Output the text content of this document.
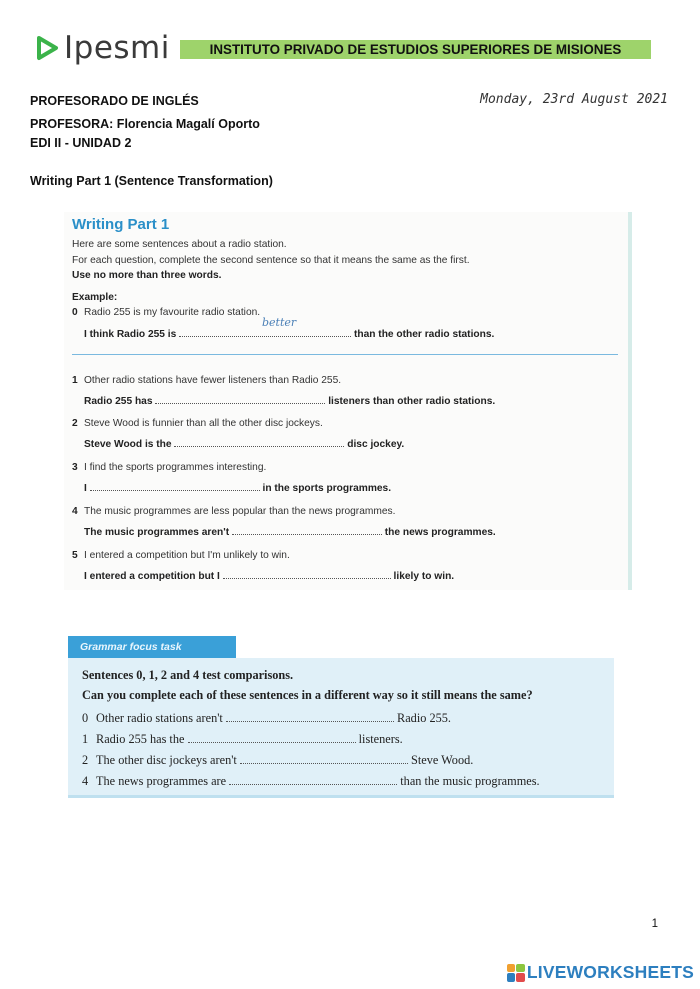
Ipesmi	INSTITUTO PRIVADO DE ESTUDIOS SUPERIORES DE MISIONES
PROFESORADO DE INGLÉS
PROFESORA: Florencia Magalí Oporto
EDI II - UNIDAD 2
Monday, 23rd August 2021
Writing Part 1 (Sentence Transformation)
Writing Part 1
Here are some sentences about a radio station.
For each question, complete the second sentence so that it means the same as the first.
Use no more than three words.
Example:
0 Radio 255 is my favourite radio station.
I think Radio 255 is	than the other radio stations.
better
1 Other radio stations have fewer listeners than Radio 255.
Radio 255 has	listeners than other radio stations.
2 Steve Wood is funnier than all the other disc jockeys.
Steve Wood is the	disc jockey.
3 I find the sports programmes interesting.
I	in the sports programmes.
4 The music programmes are less popular than the news programmes.
The music programmes aren't	the news programmes.
5 I entered a competition but I'm unlikely to win.
I entered a competition but I	likely to win.
Grammar focus task
Sentences 0, 1, 2 and 4 test comparisons.
Can you complete each of these sentences in a different way so it still means the same?
0 Other radio stations aren't	Radio 255.
1 Radio 255 has the	listeners.
2 The other disc jockeys aren't	Steve Wood.
4 The news programmes are	than the music programmes.
1
LIVEWORKSHEETS
